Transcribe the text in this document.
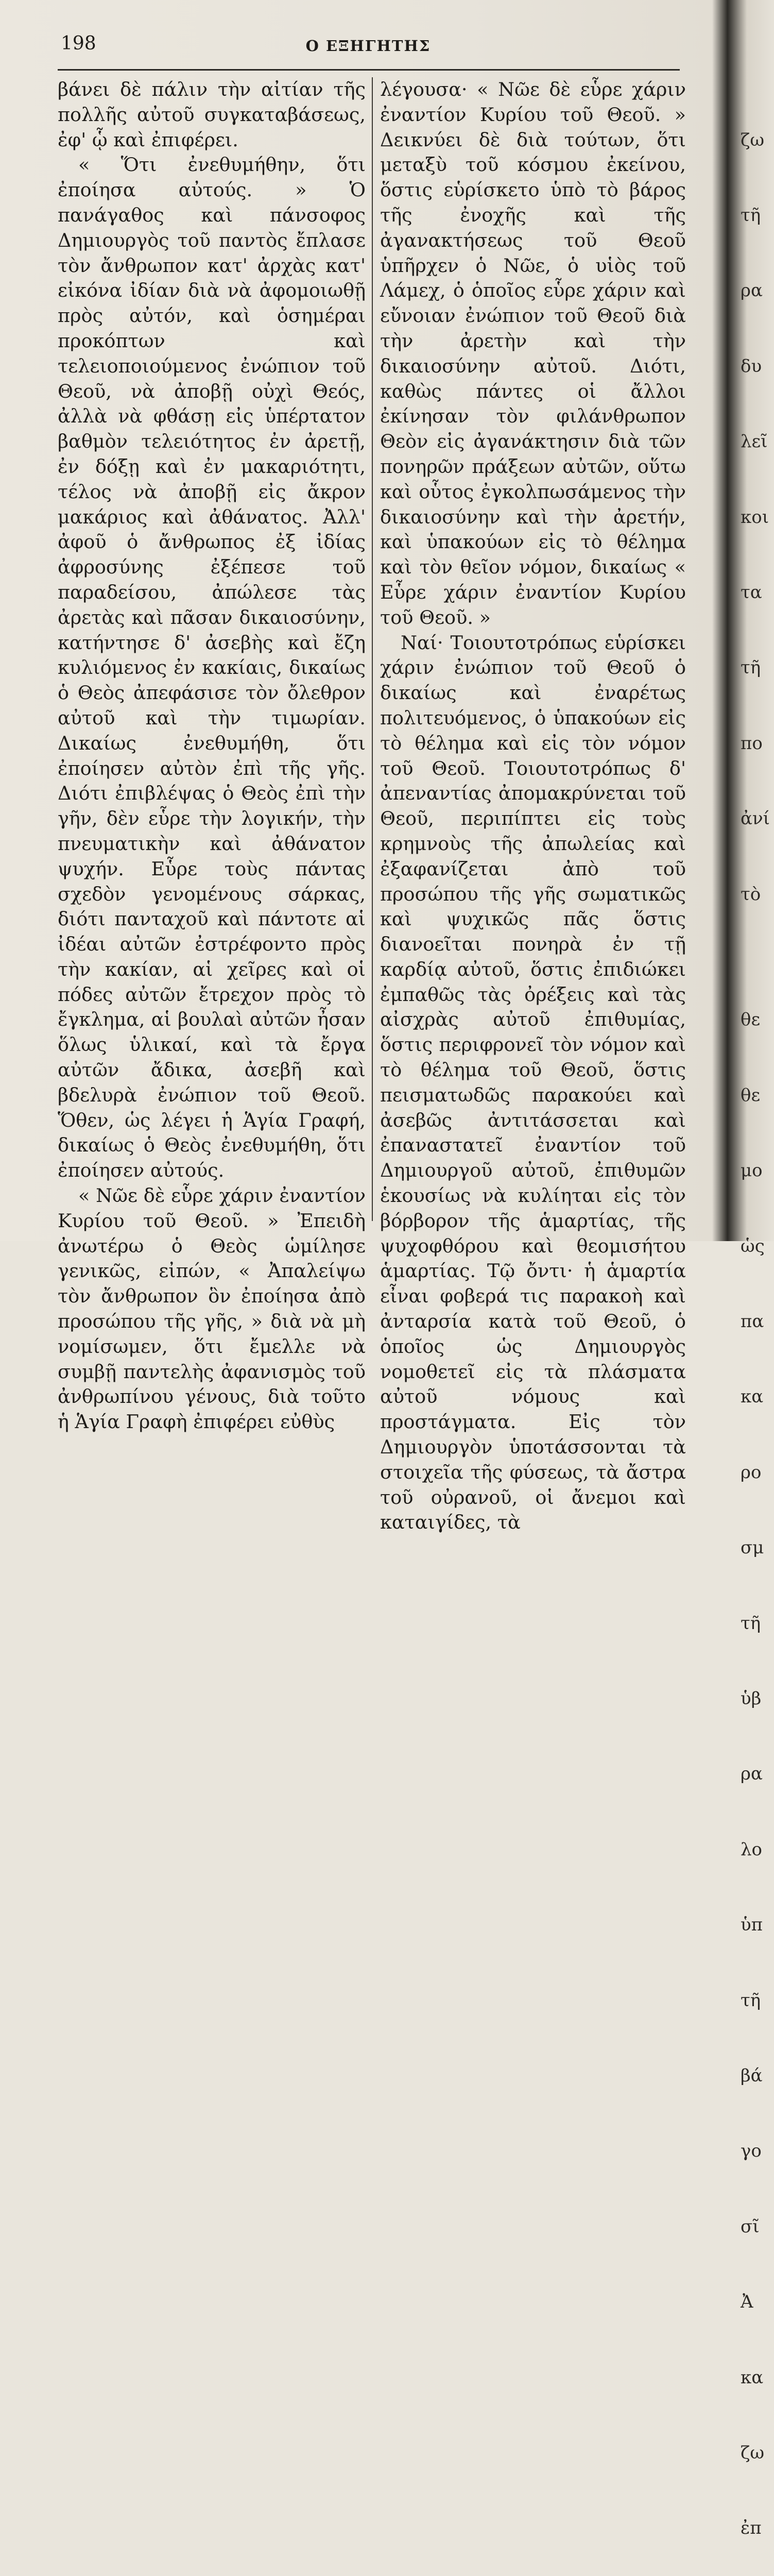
198	Ο ΕΞΗΓΗΤΗΣ

βάνει δὲ πάλιν τὴν αἰτίαν τῆς πολλῆς αὐτοῦ συγκαταβάσεως, ἐφ' ᾧ καὶ ἐπιφέρει.

« Ὅτι ἐνεθυμήθην, ὅτι ἐποίησα αὐτούς. » Ὁ πανάγαθος καὶ πάνσοφος Δημιουργὸς τοῦ παντὸς ἔπλασε τὸν ἄνθρωπον κατ' ἀρχὰς κατ' εἰκόνα ἰδίαν διὰ νὰ ἀφομοιωθῇ πρὸς αὐτόν, καὶ ὁσημέραι προκόπτων καὶ τελειοποιούμενος ἐνώπιον τοῦ Θεοῦ, νὰ ἀποβῇ οὐχὶ Θεός, ἀλλὰ νὰ φθάσῃ εἰς ὑπέρτατον βαθμὸν τελειότητος ἐν ἀρετῇ, ἐν δόξῃ καὶ ἐν μακαριότητι, τέλος νὰ ἀποβῇ εἰς ἄκρον μακάριος καὶ ἀθάνατος. Ἀλλ' ἀφοῦ ὁ ἄνθρωπος ἐξ ἰδίας ἀφροσύνης ἐξέπεσε τοῦ παραδείσου, ἀπώλεσε τὰς ἀρετὰς καὶ πᾶσαν δικαιοσύνην, κατήντησε δ' ἀσεβὴς καὶ ἔζη κυλιόμενος ἐν κακίαις, δικαίως ὁ Θεὸς ἀπεφάσισε τὸν ὄλεθρον αὐτοῦ καὶ τὴν τιμωρίαν. Δικαίως ἐνεθυμήθη, ὅτι ἐποίησεν αὐτὸν ἐπὶ τῆς γῆς. Διότι ἐπιβλέψας ὁ Θεὸς ἐπὶ τὴν γῆν, δὲν εὗρε τὴν λογικήν, τὴν πνευματικὴν καὶ ἀθάνατον ψυχήν. Εὗρε τοὺς πάντας σχεδὸν γενομένους σάρκας, διότι πανταχοῦ καὶ πάντοτε αἱ ἰδέαι αὐτῶν ἐστρέφοντο πρὸς τὴν κακίαν, αἱ χεῖρες καὶ οἱ πόδες αὐτῶν ἔτρεχον πρὸς τὸ ἔγκλημα, αἱ βουλαὶ αὐτῶν ἦσαν ὅλως ὑλικαί, καὶ τὰ ἔργα αὐτῶν ἄδικα, ἀσεβῆ καὶ βδελυρὰ ἐνώπιον τοῦ Θεοῦ. Ὅθεν, ὡς λέγει ἡ Ἁγία Γραφή, δικαίως ὁ Θεὸς ἐνεθυμήθη, ὅτι ἐποίησεν αὐτούς.

« Νῶε δὲ εὗρε χάριν ἐναντίον Κυρίου τοῦ Θεοῦ. » Ἐπειδὴ ἀνωτέρω ὁ Θεὸς ὡμίλησε γενικῶς, εἰπών, « Ἀπαλείψω τὸν ἄνθρωπον ὃν ἐποίησα ἀπὸ προσώπου τῆς γῆς, » διὰ νὰ μὴ νομίσωμεν, ὅτι ἔμελλε νὰ συμβῇ παντελὴς ἀφανισμὸς τοῦ ἀνθρωπίνου γένους, διὰ τοῦτο ἡ Ἁγία Γραφὴ ἐπιφέρει εὐθὺς

λέγουσα· « Νῶε δὲ εὗρε χάριν ἐναντίον Κυρίου τοῦ Θεοῦ. » Δεικνύει δὲ διὰ τούτων, ὅτι μεταξὺ τοῦ κόσμου ἐκείνου, ὅστις εὑρίσκετο ὑπὸ τὸ βάρος τῆς ἐνοχῆς καὶ τῆς ἀγανακτήσεως τοῦ Θεοῦ ὑπῆρχεν ὁ Νῶε, ὁ υἱὸς τοῦ Λάμεχ, ὁ ὁποῖος εὗρε χάριν καὶ εὔνοιαν ἐνώπιον τοῦ Θεοῦ διὰ τὴν ἀρετὴν καὶ τὴν δικαιοσύνην αὐτοῦ. Διότι, καθὼς πάντες οἱ ἄλλοι ἐκίνησαν τὸν φιλάνθρωπον Θεὸν εἰς ἀγανάκτησιν διὰ τῶν πονηρῶν πράξεων αὐτῶν, οὕτω καὶ οὗτος ἐγκολπωσάμενος τὴν δικαιοσύνην καὶ τὴν ἀρετήν, καὶ ὑπακούων εἰς τὸ θέλημα καὶ τὸν θεῖον νόμον, δικαίως « Εὗρε χάριν ἐναντίον Κυρίου τοῦ Θεοῦ. »

Ναί· Τοιουτοτρόπως εὑρίσκει χάριν ἐνώπιον τοῦ Θεοῦ ὁ δικαίως καὶ ἐναρέτως πολιτευόμενος, ὁ ὑπακούων εἰς τὸ θέλημα καὶ εἰς τὸν νόμον τοῦ Θεοῦ. Τοιουτοτρόπως δ' ἀπεναντίας ἀπομακρύνεται τοῦ Θεοῦ, περιπίπτει εἰς τοὺς κρημνοὺς τῆς ἀπωλείας καὶ ἐξαφανίζεται ἀπὸ τοῦ προσώπου τῆς γῆς σωματικῶς καὶ ψυχικῶς πᾶς ὅστις διανοεῖται πονηρὰ ἐν τῇ καρδίᾳ αὐτοῦ, ὅστις ἐπιδιώκει ἐμπαθῶς τὰς ὀρέξεις καὶ τὰς αἰσχρὰς αὐτοῦ ἐπιθυμίας, ὅστις περιφρονεῖ τὸν νόμον καὶ τὸ θέλημα τοῦ Θεοῦ, ὅστις πεισματωδῶς παρακούει καὶ ἀσεβῶς ἀντιτάσσεται καὶ ἐπαναστατεῖ ἐναντίον τοῦ Δημιουργοῦ αὐτοῦ, ἐπιθυμῶν ἑκουσίως νὰ κυλίηται εἰς τὸν βόρβορον τῆς ἁμαρτίας, τῆς ψυχοφθόρου καὶ θεομισήτου ἁμαρτίας. Τῷ ὄντι· ἡ ἁμαρτία εἶναι φοβερά τις παρακοὴ καὶ ἀνταρσία κατὰ τοῦ Θεοῦ, ὁ ὁποῖος ὡς Δημιουργὸς νομοθετεῖ εἰς τὰ πλάσματα αὐτοῦ νόμους καὶ προστάγματα. Εἰς τὸν Δημιουργὸν ὑποτάσσονται τὰ στοιχεῖα τῆς φύσεως, τὰ ἄστρα τοῦ οὐρανοῦ, οἱ ἄνεμοι καὶ καταιγίδες, τὰ

ζω

τῆ

ρα

δυ

λεῖ

κοι

τα

τῆ

πο

ἀνί

τὸ

θε

θε

μο

ὡς

πα

κα

ρο

σμ

τῆ

ὑβ

ρα

λο

ὑπ

τῆ

βά

γο

σῖ

Ἀ

κα

ζω

ἐπ
